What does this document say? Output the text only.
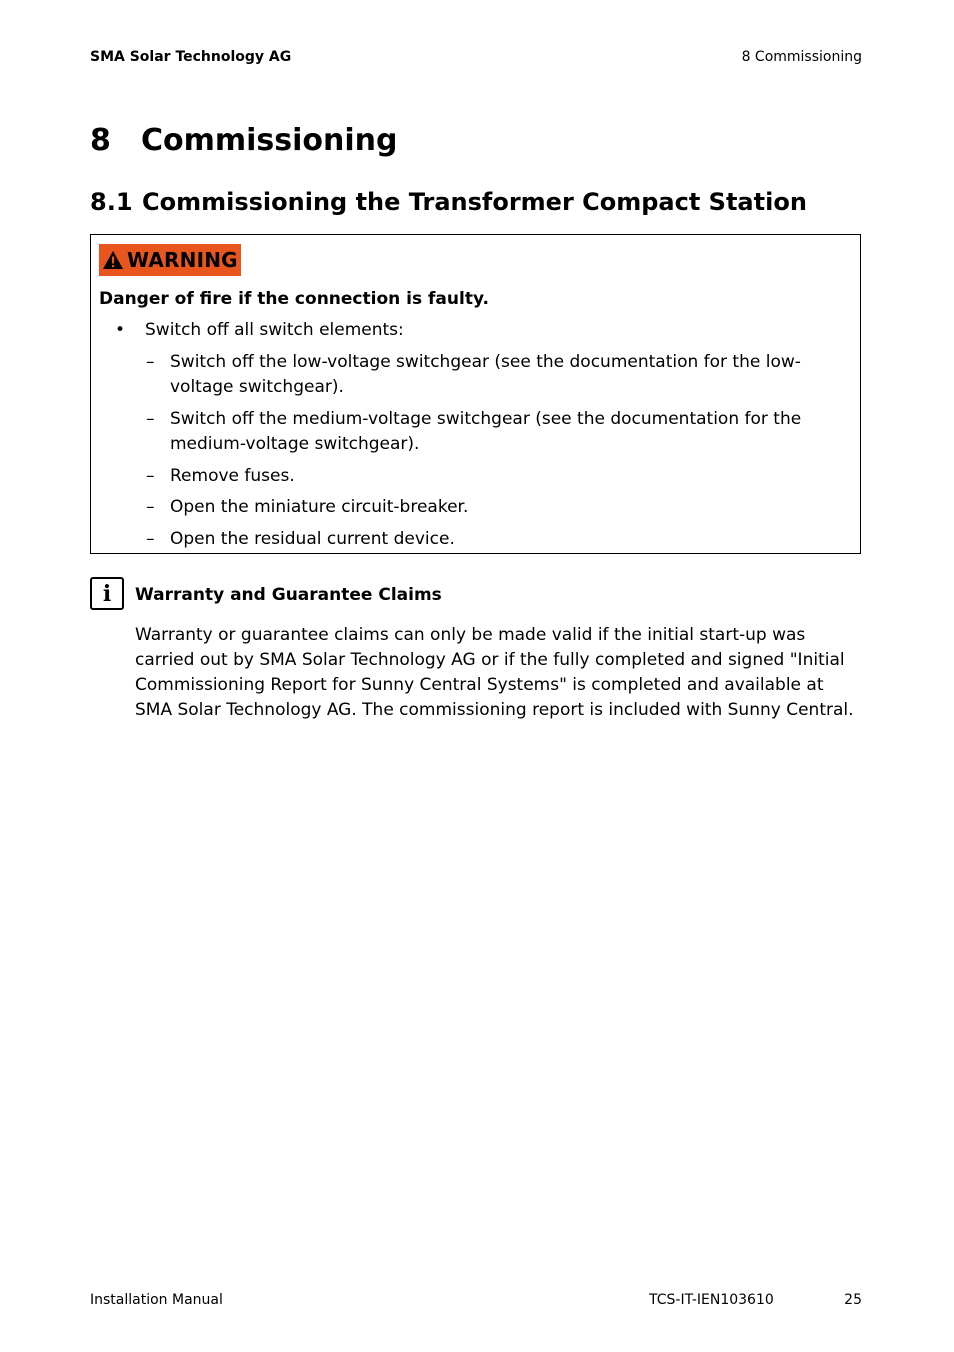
SMA Solar Technology AG	8 Commissioning
8	Commissioning
8.1 Commissioning the Transformer Compact Station
WARNING
Danger of fire if the connection is faulty.
•	Switch off all switch elements:
– Switch off the low-voltage switchgear (see the documentation for the low-voltage switchgear).
– Switch off the medium-voltage switchgear (see the documentation for the medium-voltage switchgear).
– Remove fuses.
– Open the miniature circuit-breaker.
– Open the residual current device.
i Warranty and Guarantee Claims

Warranty or guarantee claims can only be made valid if the initial start-up was carried out by SMA Solar Technology AG or if the fully completed and signed "Initial Commissioning Report for Sunny Central Systems" is completed and available at SMA Solar Technology AG. The commissioning report is included with Sunny Central.

Installation Manual	TCS-IT-IEN103610	25
